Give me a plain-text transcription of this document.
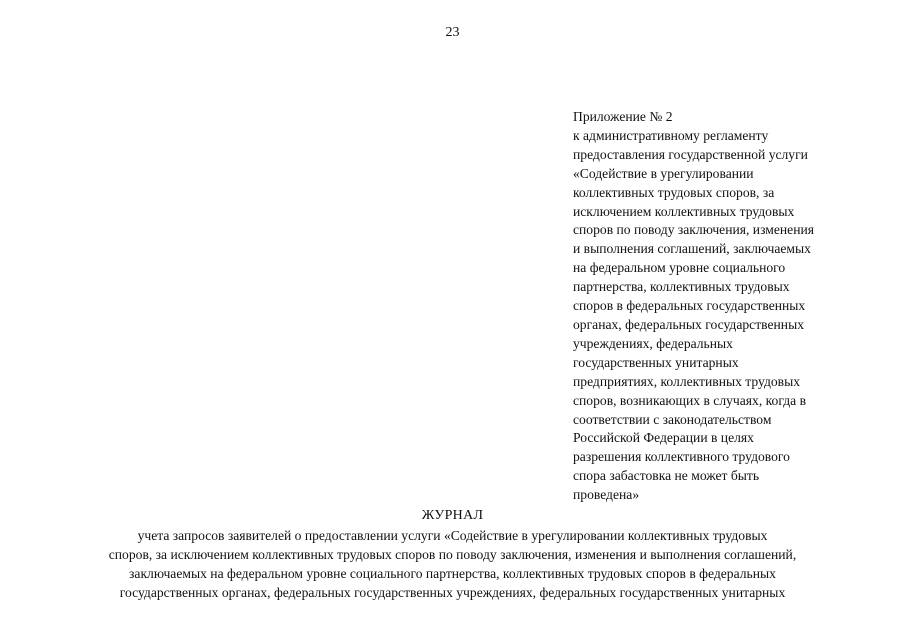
23
Приложение № 2
к административному регламенту
предоставления государственной услуги
«Содействие в урегулировании
коллективных трудовых споров, за
исключением коллективных трудовых
споров по поводу заключения, изменения
и выполнения соглашений, заключаемых
на федеральном уровне социального
партнерства, коллективных трудовых
споров в федеральных государственных
органах, федеральных государственных
учреждениях, федеральных
государственных унитарных
предприятиях, коллективных трудовых
споров, возникающих в случаях, когда в
соответствии с законодательством
Российской Федерации в целях
разрешения коллективного трудового
спора забастовка не может быть
проведена»
ЖУРНАЛ
учета запросов заявителей о предоставлении услуги «Содействие в урегулировании коллективных трудовых
споров, за исключением коллективных трудовых споров по поводу заключения, изменения и выполнения соглашений,
заключаемых на федеральном уровне социального партнерства, коллективных трудовых споров в федеральных
государственных органах, федеральных государственных учреждениях, федеральных государственных унитарных
